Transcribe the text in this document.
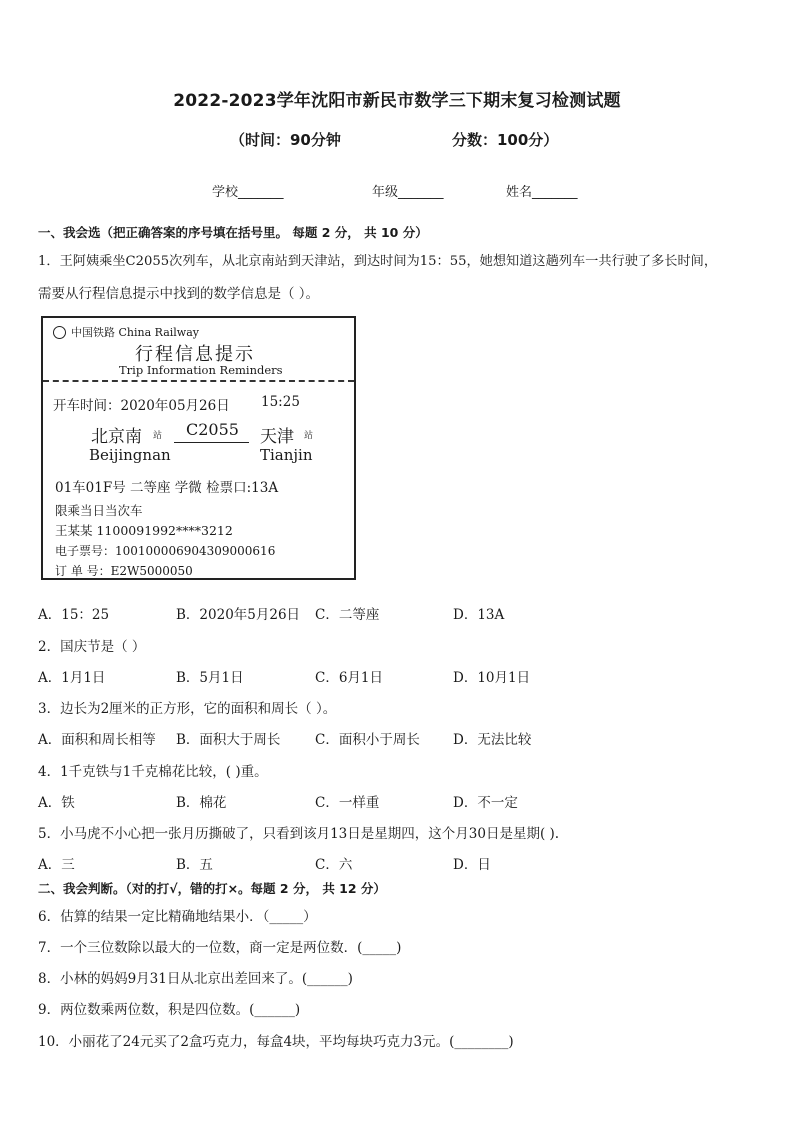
2022-2023学年沈阳市新民市数学三下期末复习检测试题
（时间：90分钟	分数：100分）
学校_______	年级_______	姓名_______
一、我会选（把正确答案的序号填在括号里。 每题 2 分， 共 10 分）
1．王阿姨乘坐C2055次列车，从北京南站到天津站，到达时间为15：55，她想知道这趟列车一共行驶了多长时间，
需要从行程信息提示中找到的数学信息是（ ）。
中国铁路 China Railway
行程信息提示
Trip Information Reminders
开车时间：2020年05月26日 15:25
北京南 站 C2055 天津 站
Beijingnan	Tianjin
01车01F号 二等座 学微 检票口:13A
限乘当日当次车
王某某 1100091992****3212
电子票号：10010000690430900061​6
订 单 号：E2W5000050
A．15：25	B．2020年5月26日 C．二等座	D．13A
2．国庆节是（ ）
A．1月1日	B．5月1日	C．6月1日	D．10月1日
3．边长为2厘米的正方形，它的面积和周长（ ）。
A．面积和周长相等 B．面积大于周长	C．面积小于周长 D．无法比较
4．1千克铁与1千克棉花比较，( )重。
A．铁	B．棉花	C．一样重	D．不一定
5．小马虎不小心把一张月历撕破了，只看到该月13日是星期四，这个月30日是星期( ).
A．三	B．五	C．六	D．日
二、我会判断。（对的打√，错的打×。每题 2 分， 共 12 分）
6．估算的结果一定比精确地结果小．（_____）
7．一个三位数除以最大的一位数，商一定是两位数．(_____)
8．小林的妈妈9月31日从北京出差回来了。(______)
9．两位数乘两位数，积是四位数。(______)
10．小丽花了24元买了2盒巧克力，每盒4块，平均每块巧克力3元。(________)
